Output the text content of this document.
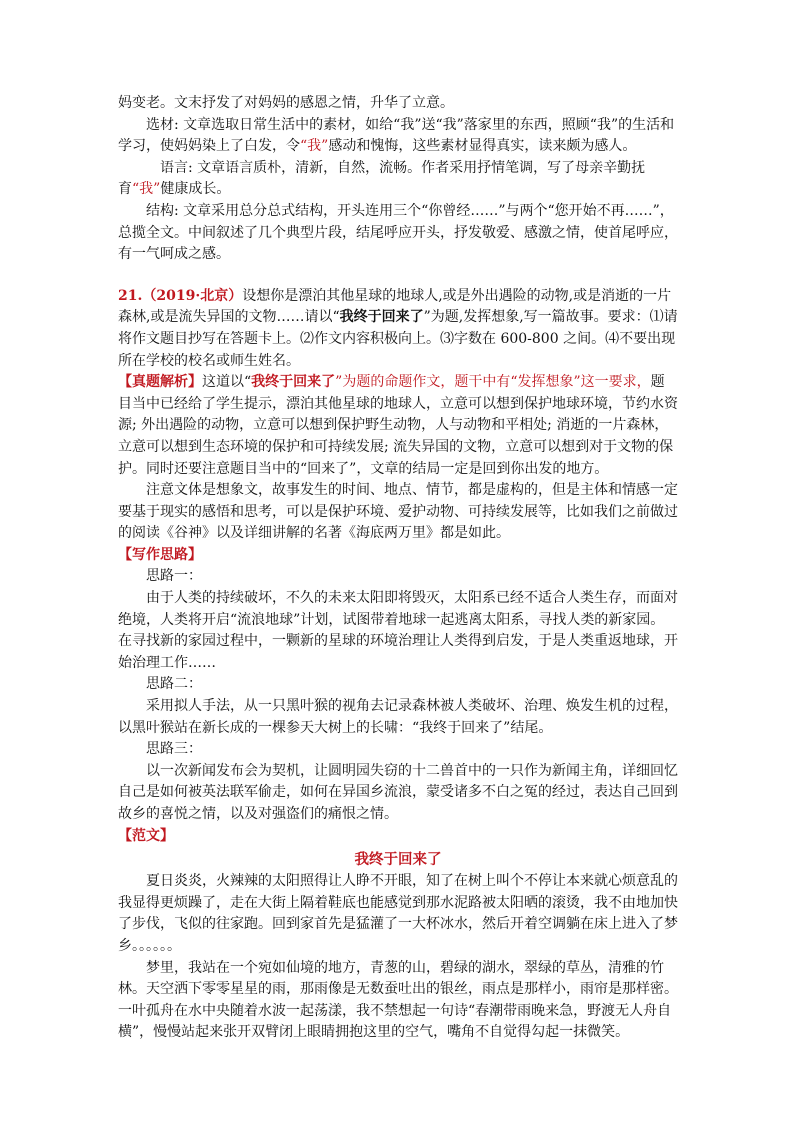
妈变老。文末抒发了对妈妈的感恩之情，升华了立意。

选材: 文章选取日常生活中的素材，如给“我”送“我”落家里的东西，照顾“我”的生活和学习，使妈妈染上了白发，令“我”感动和愧悔，这些素材显得真实，读来颇为感人。

语言: 文章语言质朴，清新，自然，流畅。作者采用抒情笔调，写了母亲辛勤抚育“我”健康成长。

结构: 文章采用总分总式结构，开头连用三个“你曾经……”与两个“您开始不再……”，总揽全文。中间叙述了几个典型片段，结尾呼应开头，抒发敬爱、感激之情，使首尾呼应，有一气呵成之感。

21.（2019·北京）设想你是漂泊其他星球的地球人,或是外出遇险的动物,或是消逝的一片森林,或是流失异国的文物……请以“我终于回来了”为题,发挥想象,写一篇故事。要求：⑴请将作文题目抄写在答题卡上。⑵作文内容积极向上。⑶字数在 600-800 之间。⑷不要出现所在学校的校名或师生姓名。

【真题解析】这道以“我终于回来了”为题的命题作文，题干中有“发挥想象”这一要求，题目当中已经给了学生提示，漂泊其他星球的地球人，立意可以想到保护地球环境，节约水资源; 外出遇险的动物，立意可以想到保护野生动物，人与动物和平相处; 消逝的一片森林，立意可以想到生态环境的保护和可持续发展; 流失异国的文物，立意可以想到对于文物的保护。同时还要注意题目当中的“回来了”，文章的结局一定是回到你出发的地方。

注意文体是想象文，故事发生的时间、地点、情节，都是虚构的，但是主体和情感一定要基于现实的感悟和思考，可以是保护环境、爱护动物、可持续发展等，比如我们之前做过的阅读《谷神》以及详细讲解的名著《海底两万里》都是如此。

【写作思路】

思路一：

由于人类的持续破坏，不久的未来太阳即将毁灭，太阳系已经不适合人类生存，而面对绝境，人类将开启“流浪地球”计划，试图带着地球一起逃离太阳系，寻找人类的新家园。在寻找新的家园过程中，一颗新的星球的环境治理让人类得到启发，于是人类重返地球，开始治理工作……

思路二：

采用拟人手法，从一只黑叶猴的视角去记录森林被人类破坏、治理、焕发生机的过程，以黑叶猴站在新长成的一棵参天大树上的长啸：“我终于回来了”结尾。

思路三：

以一次新闻发布会为契机，让圆明园失窃的十二兽首中的一只作为新闻主角，详细回忆自己是如何被英法联军偷走，如何在异国乡流浪，蒙受诸多不白之冤的经过，表达自己回到故乡的喜悦之情，以及对强盗们的痛恨之情。

【范文】

我终于回来了

夏日炎炎，火辣辣的太阳照得让人睁不开眼，知了在树上叫个不停让本来就心烦意乱的我显得更烦躁了，走在大街上隔着鞋底也能感觉到那水泥路被太阳晒的滚烫，我不由地加快了步伐，飞似的往家跑。回到家首先是猛灌了一大杯冰水，然后开着空调躺在床上进入了梦乡。。。。。。

梦里，我站在一个宛如仙境的地方，青葱的山，碧绿的湖水，翠绿的草丛，清雅的竹林。天空洒下零零星星的雨，那雨像是无数蚕吐出的银丝，雨点是那样小，雨帘是那样密。一叶孤舟在水中央随着水波一起荡漾，我不禁想起一句诗“春潮带雨晚来急，野渡无人舟自横”，慢慢站起来张开双臂闭上眼睛拥抱这里的空气，嘴角不自觉得勾起一抹微笑。
